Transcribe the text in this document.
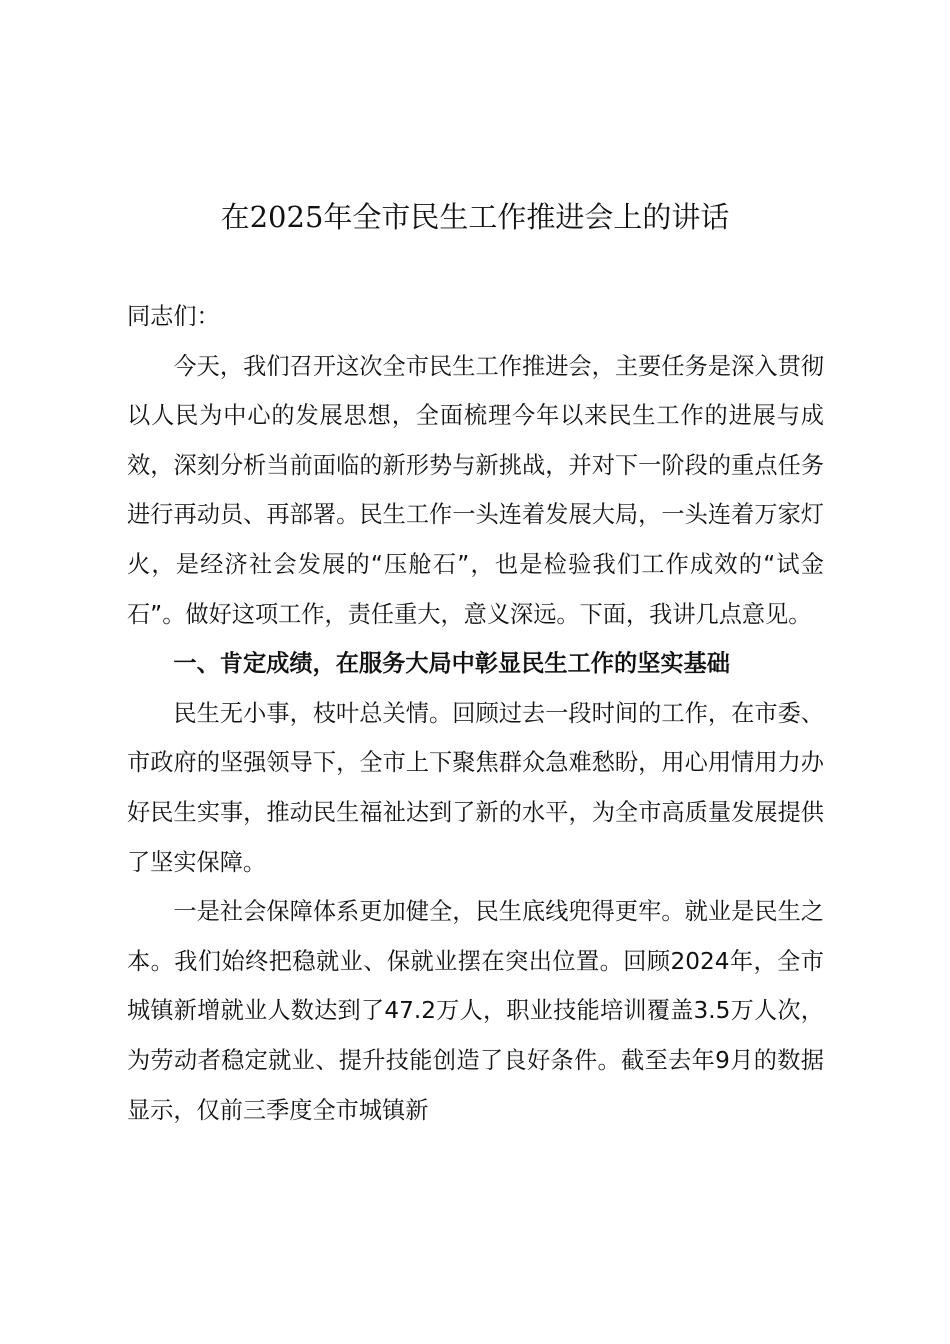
在2025年全市民生工作推进会上的讲话

同志们：

今天，我们召开这次全市民生工作推进会，主要任务是深入贯彻以人民为中心的发展思想，全面梳理今年以来民生工作的进展与成效，深刻分析当前面临的新形势与新挑战，并对下一阶段的重点任务进行再动员、再部署。民生工作一头连着发展大局，一头连着万家灯火，是经济社会发展的“压舱石”，也是检验我们工作成效的“试金石”。做好这项工作，责任重大，意义深远。下面，我讲几点意见。

一、肯定成绩，在服务大局中彰显民生工作的坚实基础

民生无小事，枝叶总关情。回顾过去一段时间的工作，在市委、市政府的坚强领导下，全市上下聚焦群众急难愁盼，用心用情用力办好民生实事，推动民生福祉达到了新的水平，为全市高质量发展提供了坚实保障。

一是社会保障体系更加健全，民生底线兜得更牢。就业是民生之本。我们始终把稳就业、保就业摆在突出位置。回顾2024年，全市城镇新增就业人数达到了47.2万人，职业技能培训覆盖3.5万人次，为劳动者稳定就业、提升技能创造了良好条件。截至去年9月的数据显示，仅前三季度全市城镇新
